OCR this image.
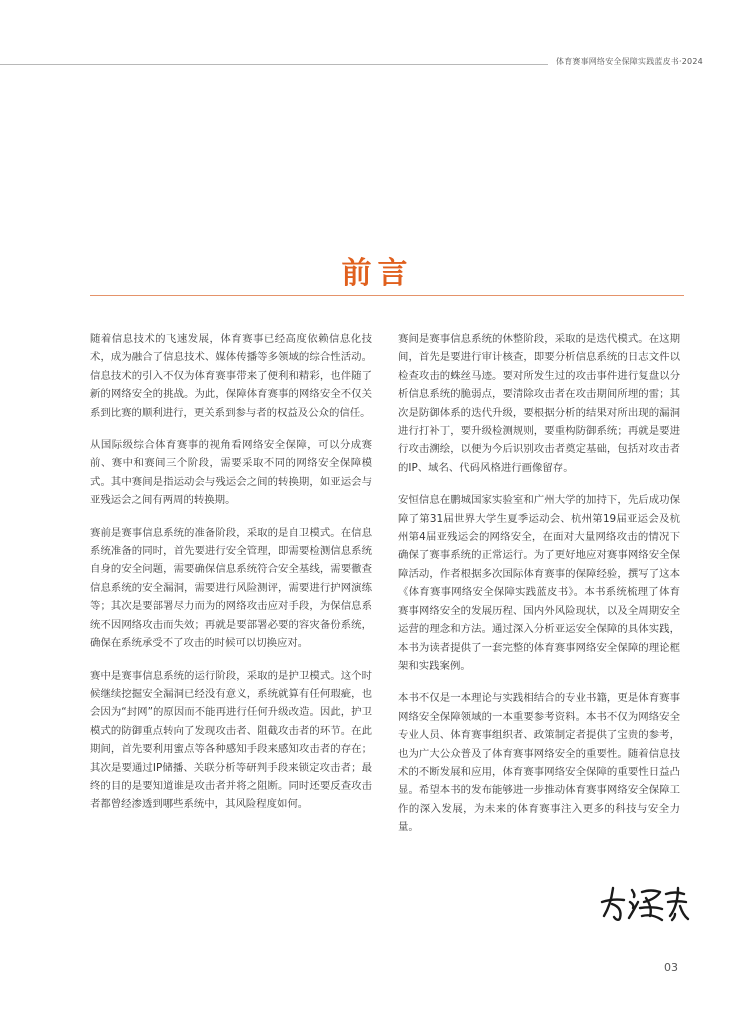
体育赛事网络安全保障实践蓝皮书·2024
前言

随着信息技术的飞速发展，体育赛事已经高度依赖信息化技术，成为融合了信息技术、媒体传播等多领域的综合性活动。信息技术的引入不仅为体育赛事带来了便利和精彩，也伴随了新的网络安全的挑战。为此，保障体育赛事的网络安全不仅关系到比赛的顺利进行，更关系到参与者的权益及公众的信任。

从国际级综合体育赛事的视角看网络安全保障，可以分成赛前、赛中和赛间三个阶段，需要采取不同的网络安全保障模式。其中赛间是指运动会与残运会之间的转换期，如亚运会与亚残运会之间有两周的转换期。

赛前是赛事信息系统的准备阶段，采取的是自卫模式。在信息系统准备的同时，首先要进行安全管理，即需要检测信息系统自身的安全问题，需要确保信息系统符合安全基线，需要徹查信息系统的安全漏洞，需要进行风险测评，需要进行护网演练等；其次是要部署尽力而为的网络攻击应对手段，为保信息系统不因网络攻击而失效；再就是要部署必要的容灾备份系统，确保在系统承受不了攻击的时候可以切换应对。

赛中是赛事信息系统的运行阶段，采取的是护卫模式。这个时候继续挖掘安全漏洞已经没有意义，系统就算有任何瑕疵，也会因为“封网”的原因而不能再进行任何升级改造。因此，护卫模式的防御重点转向了发现攻击者、阻截攻击者的环节。在此期间，首先要利用蜜点等各种感知手段来感知攻击者的存在；其次是要通过IP储播、关联分析等研判手段来锁定攻击者；最终的目的是要知道谁是攻击者并将之阻断。同时还要反查攻击者都曾经渗透到哪些系统中，其风险程度如何。

赛间是赛事信息系统的休整阶段，采取的是迭代模式。在这期间，首先是要进行审计核查，即要分析信息系统的日志文件以检查攻击的蛛丝马迹。要对所发生过的攻击事件进行复盘以分析信息系统的脆弱点，要清除攻击者在攻击期间所埋的雷；其次是防御体系的迭代升级，要根据分析的结果对所出现的漏洞进行打补丁，要升级检测规则，要重构防御系统；再就是要进行攻击溯绘，以便为今后识别攻击者奠定基础，包括对攻击者的IP、域名、代码风格进行画像留存。

安恒信息在鹏城国家实验室和广州大学的加持下，先后成功保障了第31届世界大学生夏季运动会、杭州第19届亚运会及杭州第4届亚残运会的网络安全，在面对大量网络攻击的情况下确保了赛事系统的正常运行。为了更好地应对赛事网络安全保障活动，作者根据多次国际体育赛事的保障经验，撰写了这本《体育赛事网络安全保障实践蓝皮书》。本书系统梳理了体育赛事网络安全的发展历程、国内外风险现状，以及全周期安全运营的理念和方法。通过深入分析亚运安全保障的具体实践，本书为读者提供了一套完整的体育赛事网络安全保障的理论框架和实践案例。

本书不仅是一本理论与实践相结合的专业书籍，更是体育赛事网络安全保障领域的一本重要参考资料。本书不仅为网络安全专业人员、体育赛事组织者、政策制定者提供了宝贵的参考，也为广大公众普及了体育赛事网络安全的重要性。随着信息技术的不断发展和应用，体育赛事网络安全保障的重要性日益凸显。希望本书的发布能够进一步推动体育赛事网络安全保障工作的深入发展，为未来的体育赛事注入更多的科技与安全力量。

03
